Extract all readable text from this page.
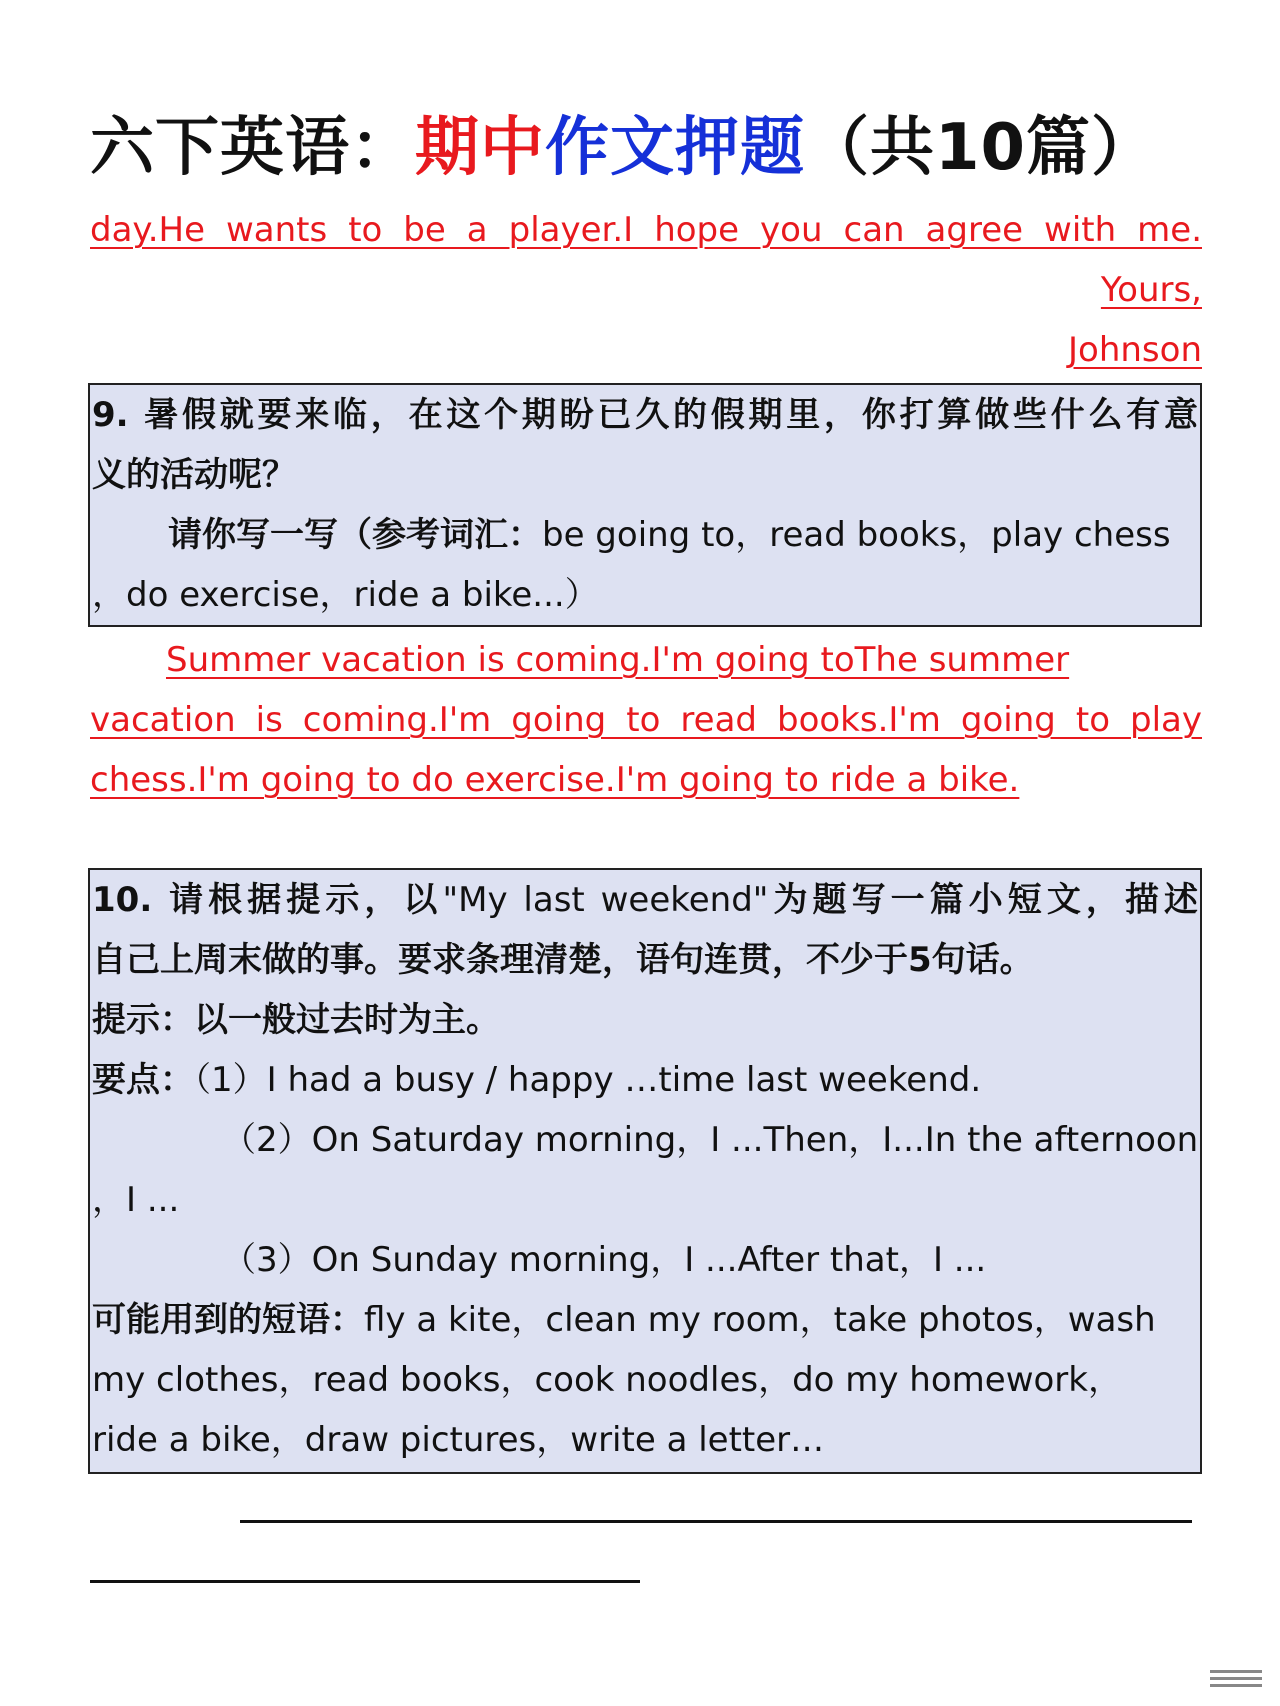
六下英语：期中作文押题（共10篇）
day.He wants to be a player.I hope you can agree with me.
Yours,
Johnson
9. 暑假就要来临，在这个期盼已久的假期里，你打算做些什么有意
义的活动呢？
请你写一写（参考词汇：be going to，read books，play chess
，do exercise，ride a bike...）
Summer vacation is coming.I'm going toThe summer
vacation is coming.I'm going to read books.I'm going to play
chess.I'm going to do exercise.I'm going to ride a bike.
10. 请根据提示，以"My last weekend"为题写一篇小短文，描述
自己上周末做的事。要求条理清楚，语句连贯，不少于5句话。
提示：以一般过去时为主。
要点：（1）I had a busy / happy …time last weekend.
（2）On Saturday morning，I ...Then，I...In the afternoon
，I ...
（3）On Sunday morning，I ...After that，I ...
可能用到的短语：fly a kite，clean my room，take photos，wash
my clothes，read books，cook noodles，do my homework，
ride a bike，draw pictures，write a letter…
